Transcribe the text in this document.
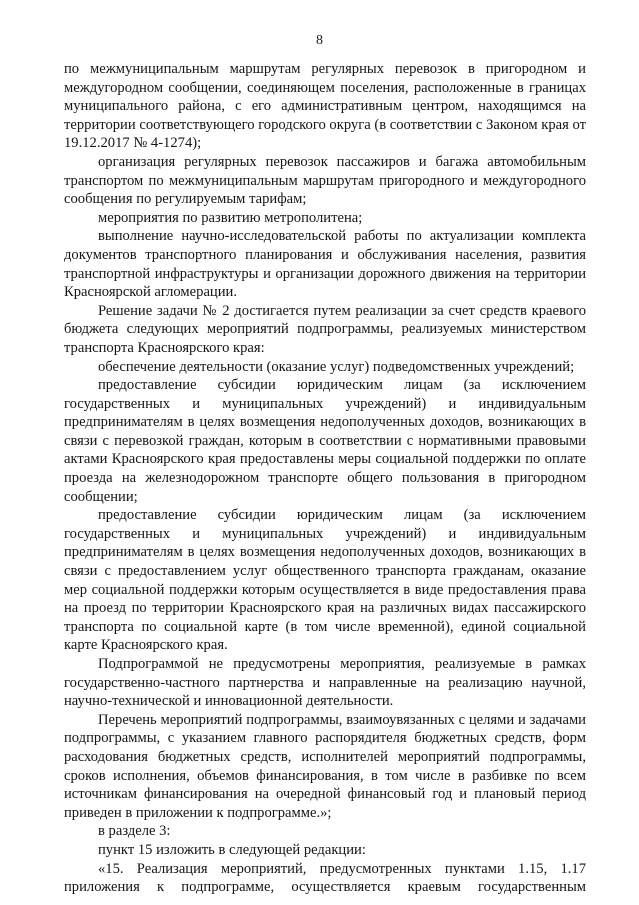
8

по межмуниципальным маршрутам регулярных перевозок в пригородном и междугородном сообщении, соединяющем поселения, расположенные в границах муниципального района, с его административным центром, находящимся на территории соответствующего городского округа (в соответствии с Законом края от 19.12.2017 № 4-1274);

организация регулярных перевозок пассажиров и багажа автомобильным транспортом по межмуниципальным маршрутам пригородного и междугородного сообщения по регулируемым тарифам;

мероприятия по развитию метрополитена;

выполнение научно-исследовательской работы по актуализации комплекта документов транспортного планирования и обслуживания населения, развития транспортной инфраструктуры и организации дорожного движения на территории Красноярской агломерации.

Решение задачи № 2 достигается путем реализации за счет средств краевого бюджета следующих мероприятий подпрограммы, реализуемых министерством транспорта Красноярского края:

обеспечение деятельности (оказание услуг) подведомственных учреждений;

предоставление субсидии юридическим лицам (за исключением государственных и муниципальных учреждений) и индивидуальным предпринимателям в целях возмещения недополученных доходов, возникающих в связи с перевозкой граждан, которым в соответствии с нормативными правовыми актами Красноярского края предоставлены меры социальной поддержки по оплате проезда на железнодорожном транспорте общего пользования в пригородном сообщении;

предоставление субсидии юридическим лицам (за исключением государственных и муниципальных учреждений) и индивидуальным предпринимателям в целях возмещения недополученных доходов, возникающих в связи с предоставлением услуг общественного транспорта гражданам, оказание мер социальной поддержки которым осуществляется в виде предоставления права на проезд по территории Красноярского края на различных видах пассажирского транспорта по социальной карте (в том числе временной), единой социальной карте Красноярского края.

Подпрограммой не предусмотрены мероприятия, реализуемые в рамках государственно-частного партнерства и направленные на реализацию научной, научно-технической и инновационной деятельности.

Перечень мероприятий подпрограммы, взаимоувязанных с целями и задачами подпрограммы, с указанием главного распорядителя бюджетных средств, форм расходования бюджетных средств, исполнителей мероприятий подпрограммы, сроков исполнения, объемов финансирования, в том числе в разбивке по всем источникам финансирования на очередной финансовый год и плановый период приведен в приложении к подпрограмме.»;

в разделе 3:

пункт 15 изложить в следующей редакции:

«15. Реализация мероприятий, предусмотренных пунктами 1.15, 1.17 приложения к подпрограмме, осуществляется краевым государственным
